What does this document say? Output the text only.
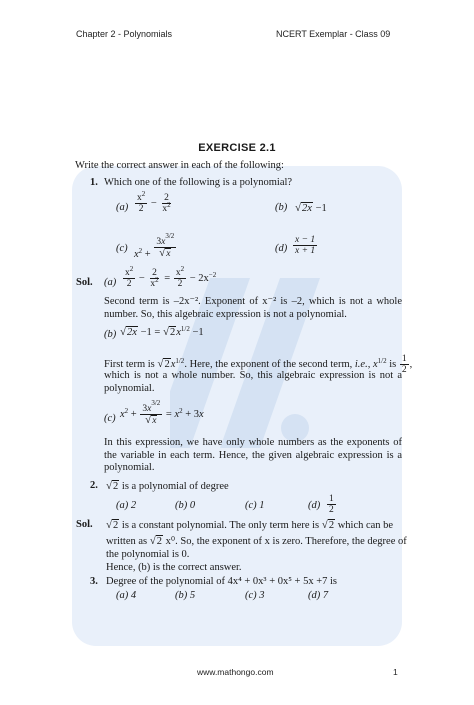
Chapter 2 - Polynomials	NCERT Exemplar - Class 09
EXERCISE 2.1
Write the correct answer in each of the following:
1. Which one of the following is a polynomial?
$(a) \frac{x^2}{2} - \frac{2}{x^2}$	(b) √2x −1
(c)
$x^2 + \frac{3x^{3/2}}{√x}$	$(d) \frac{x - 1}{x + 1}$
Sol. $(a) \frac{x^2}{2} - \frac{2}{x^2} = \frac{x^2}{2} - 2x^{-2}$
Second term is –2x⁻². Exponent of x⁻² is –2, which is not a whole number. So, this algebraic expression is not a polynomial.
(b) $√2x -1 = √2x^{1/2} -1$
First term is $√2x^{1/2}$. Here, the exponent of the second term, i.e., $x^{1/2}$ is $\frac{1}{2}$ ,
which is not a whole number. So, this algebraic expression is not a polynomial.
(c) $x^2 + \frac{3x^{3/2}}{√x} = x^2 + 3x$
In this expression, we have only whole numbers as the exponents of the variable in each term. Hence, the given algebraic expression is a polynomial.
2. √2 is a polynomial of degree
(a) 2	(b) 0	(c) 1	$(d) \frac{1}{2}$
Sol. √2 is a constant polynomial. The only term here is √2 which can be
written as √2 x⁰. So, the exponent of x is zero. Therefore, the degree of
the polynomial is 0.
Hence, (b) is the correct answer.
3. Degree of the polynomial of 4x⁴ + 0x³ + 0x⁵ + 5x +7 is
(a) 4	(b) 5	(c) 3	(d) 7
www.mathongo.com	1
